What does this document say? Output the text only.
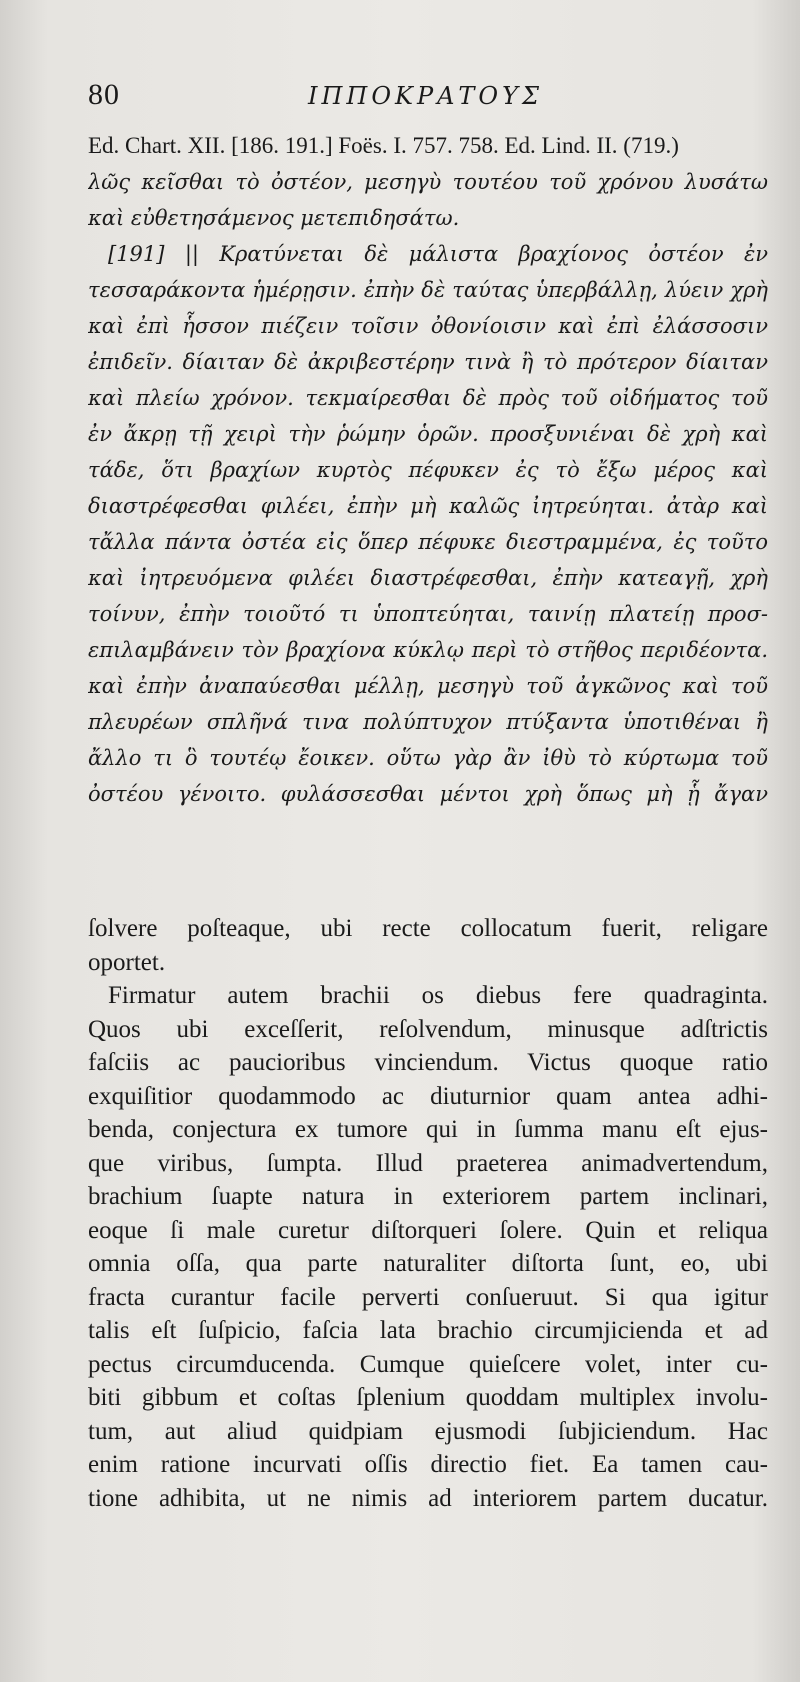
80	ΙΠΠΟΚΡΑΤΟΥΣ
Ed. Chart. XII. [186. 191.] Foës. I. 757. 758. Ed. Lind. II. (719.)
λῶς κεῖσθαι τὸ ὀστέον, μεσηγὺ τουτέου τοῦ χρόνου λυσάτω
καὶ εὐθετησάμενος μετεπιδησάτω.
[191] || Κρατύνεται δὲ μάλιστα βραχίονος ὀστέον ἐν
τεσσαράκοντα ἡμέρῃσιν. ἐπὴν δὲ ταύτας ὑπερβάλλῃ, λύειν χρὴ
καὶ ἐπὶ ἧσσον πιέζειν τοῖσιν ὀθονίοισιν καὶ ἐπὶ ἐλάσσοσιν
ἐπιδεῖν. δίαιταν δὲ ἀκριβεστέρην τινὰ ἢ τὸ πρότερον δίαιταν
καὶ πλείω χρόνον. τεκμαίρεσθαι δὲ πρὸς τοῦ οἰδήματος τοῦ
ἐν ἄκρῃ τῇ χειρὶ τὴν ῥώμην ὁρῶν. προσξυνιέναι δὲ χρὴ καὶ
τάδε, ὅτι βραχίων κυρτὸς πέφυκεν ἐς τὸ ἔξω μέρος καὶ
διαστρέφεσθαι φιλέει, ἐπὴν μὴ καλῶς ἰητρεύηται. ἀτὰρ καὶ
τἄλλα πάντα ὀστέα εἰς ὅπερ πέφυκε διεστραμμένα, ἐς τοῦτο
καὶ ἰητρευόμενα φιλέει διαστρέφεσθαι, ἐπὴν κατεαγῇ, χρὴ
τοίνυν, ἐπὴν τοιοῦτό τι ὑποπτεύηται, ταινίῃ πλατείῃ προσ-
επιλαμβάνειν τὸν βραχίονα κύκλῳ περὶ τὸ στῆθος περιδέοντα.
καὶ ἐπὴν ἀναπαύεσθαι μέλλῃ, μεσηγὺ τοῦ ἀγκῶνος καὶ τοῦ
πλευρέων σπλῆνά τινα πολύπτυχον πτύξαντα ὑποτιθέναι ἢ
ἄλλο τι ὃ τουτέῳ ἔοικεν. οὕτω γὰρ ἂν ἰθὺ τὸ κύρτωμα τοῦ
ὀστέου γένοιτο. φυλάσσεσθαι μέντοι χρὴ ὅπως μὴ ᾗ ἄγαν
ſolvere poſteaque, ubi recte collocatum fuerit, religare
oportet.
Firmatur autem brachii os diebus fere quadraginta.
Quos ubi exceſſerit, reſolvendum, minusque adſtrictis
faſciis ac paucioribus vinciendum. Victus quoque ratio
exquiſitior quodammodo ac diuturnior quam antea adhi-
benda, conjectura ex tumore qui in ſumma manu eſt ejus-
que viribus, ſumpta. Illud praeterea animadvertendum,
brachium ſuapte natura in exteriorem partem inclinari,
eoque ſi male curetur diſtorqueri ſolere. Quin et reliqua
omnia oſſa, qua parte naturaliter diſtorta ſunt, eo, ubi
fracta curantur facile perverti conſueruut. Si qua igitur
talis eſt ſuſpicio, faſcia lata brachio circumjicienda et ad
pectus circumducenda. Cumque quieſcere volet, inter cu-
biti gibbum et coſtas ſplenium quoddam multiplex involu-
tum, aut aliud quidpiam ejusmodi ſubjiciendum. Hac
enim ratione incurvati oſſis directio fiet. Ea tamen cau-
tione adhibita, ut ne nimis ad interiorem partem ducatur.
